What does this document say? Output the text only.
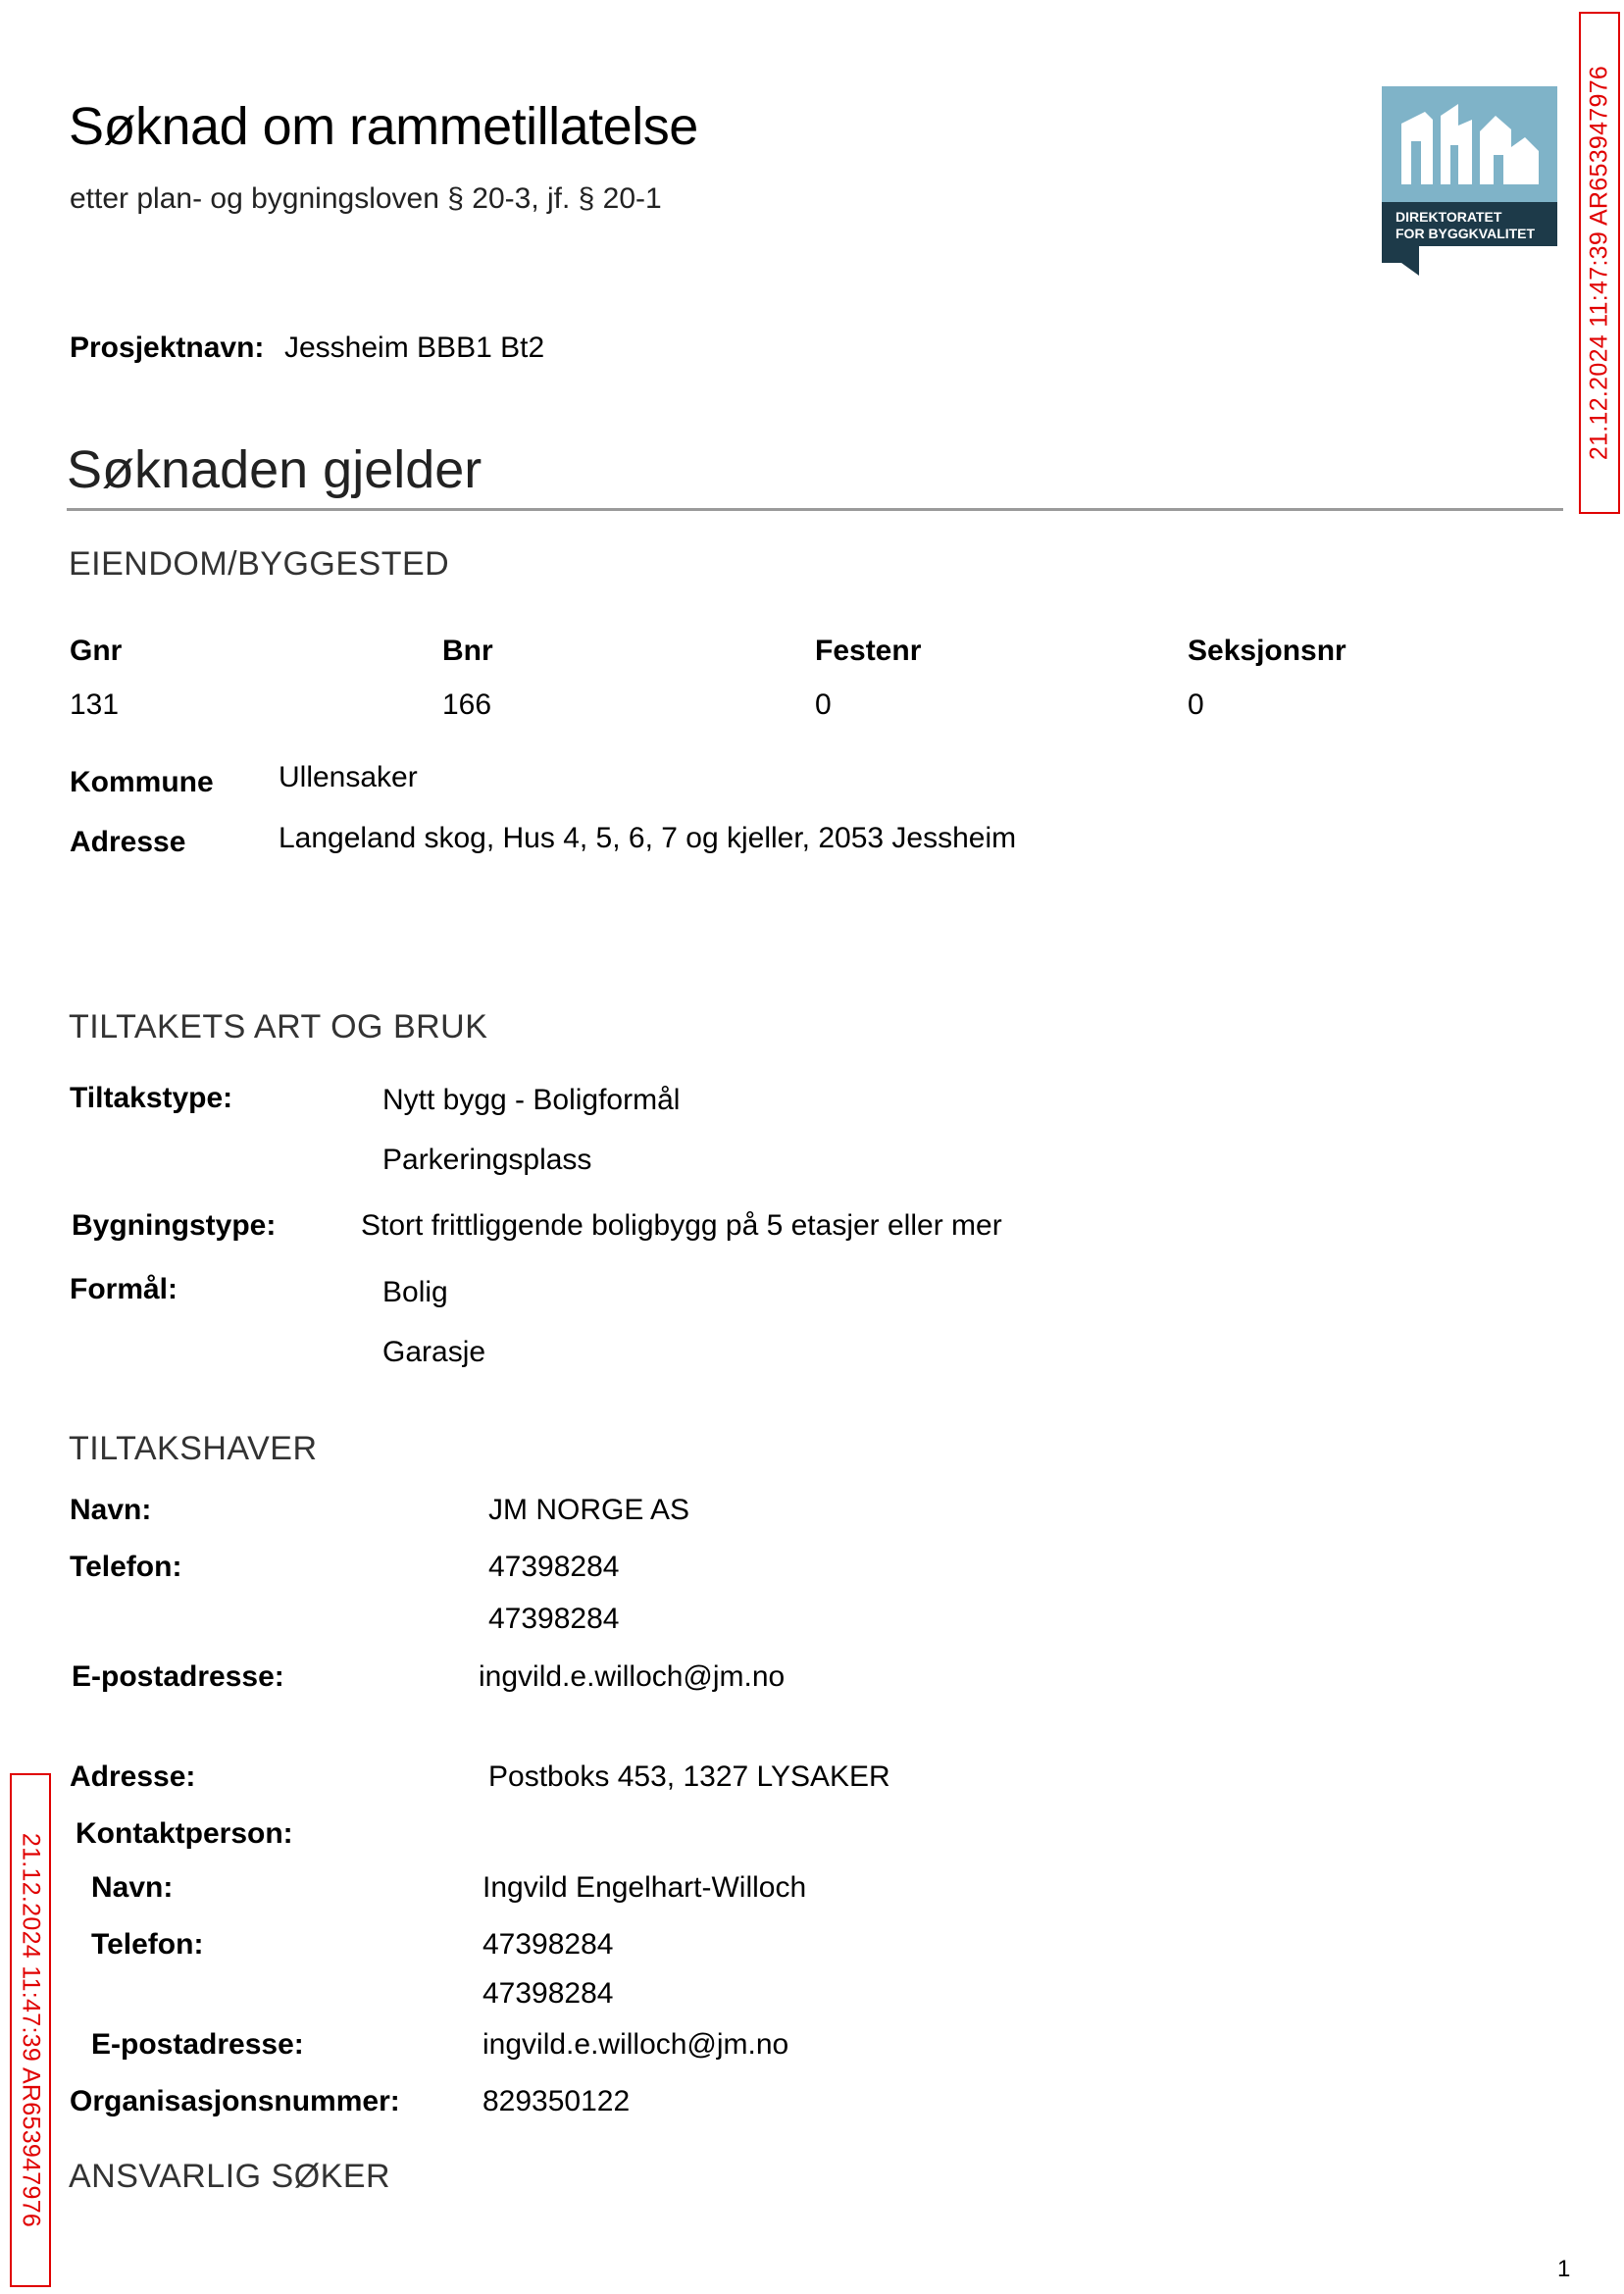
Søknad om rammetillatelse
etter plan- og bygningsloven § 20-3, jf. § 20-1
DIREKTORATET
FOR BYGGKVALITET 21.12.2024 11:47:39 AR653947976
21.12.2024 11:47:39 AR653947976
Prosjektnavn: Jessheim BBB1 Bt2
Søknaden gjelder
EIENDOM/BYGGESTED
Gnr	Bnr	Festenr	Seksjonsnr
131	166	0	0
Kommune Ullensaker
Adresse	Langeland skog, Hus 4, 5, 6, 7 og kjeller, 2053 Jessheim
TILTAKETS ART OG BRUK
Tiltakstype:	Nytt bygg - Boligformål
Parkeringsplass
Bygningstype:	Stort frittliggende boligbygg på 5 etasjer eller mer
Formål:	Bolig
Garasje
TILTAKSHAVER
Navn:	JM NORGE AS
Telefon:	47398284
47398284
E-postadresse:	ingvild.e.willoch@jm.no
Adresse:	Postboks 453, 1327 LYSAKER
Kontaktperson:
Navn:	Ingvild Engelhart-Willoch
Telefon:	47398284
47398284
E-postadresse:	ingvild.e.willoch@jm.no
Organisasjonsnummer:	829350122
ANSVARLIG SØKER
1
